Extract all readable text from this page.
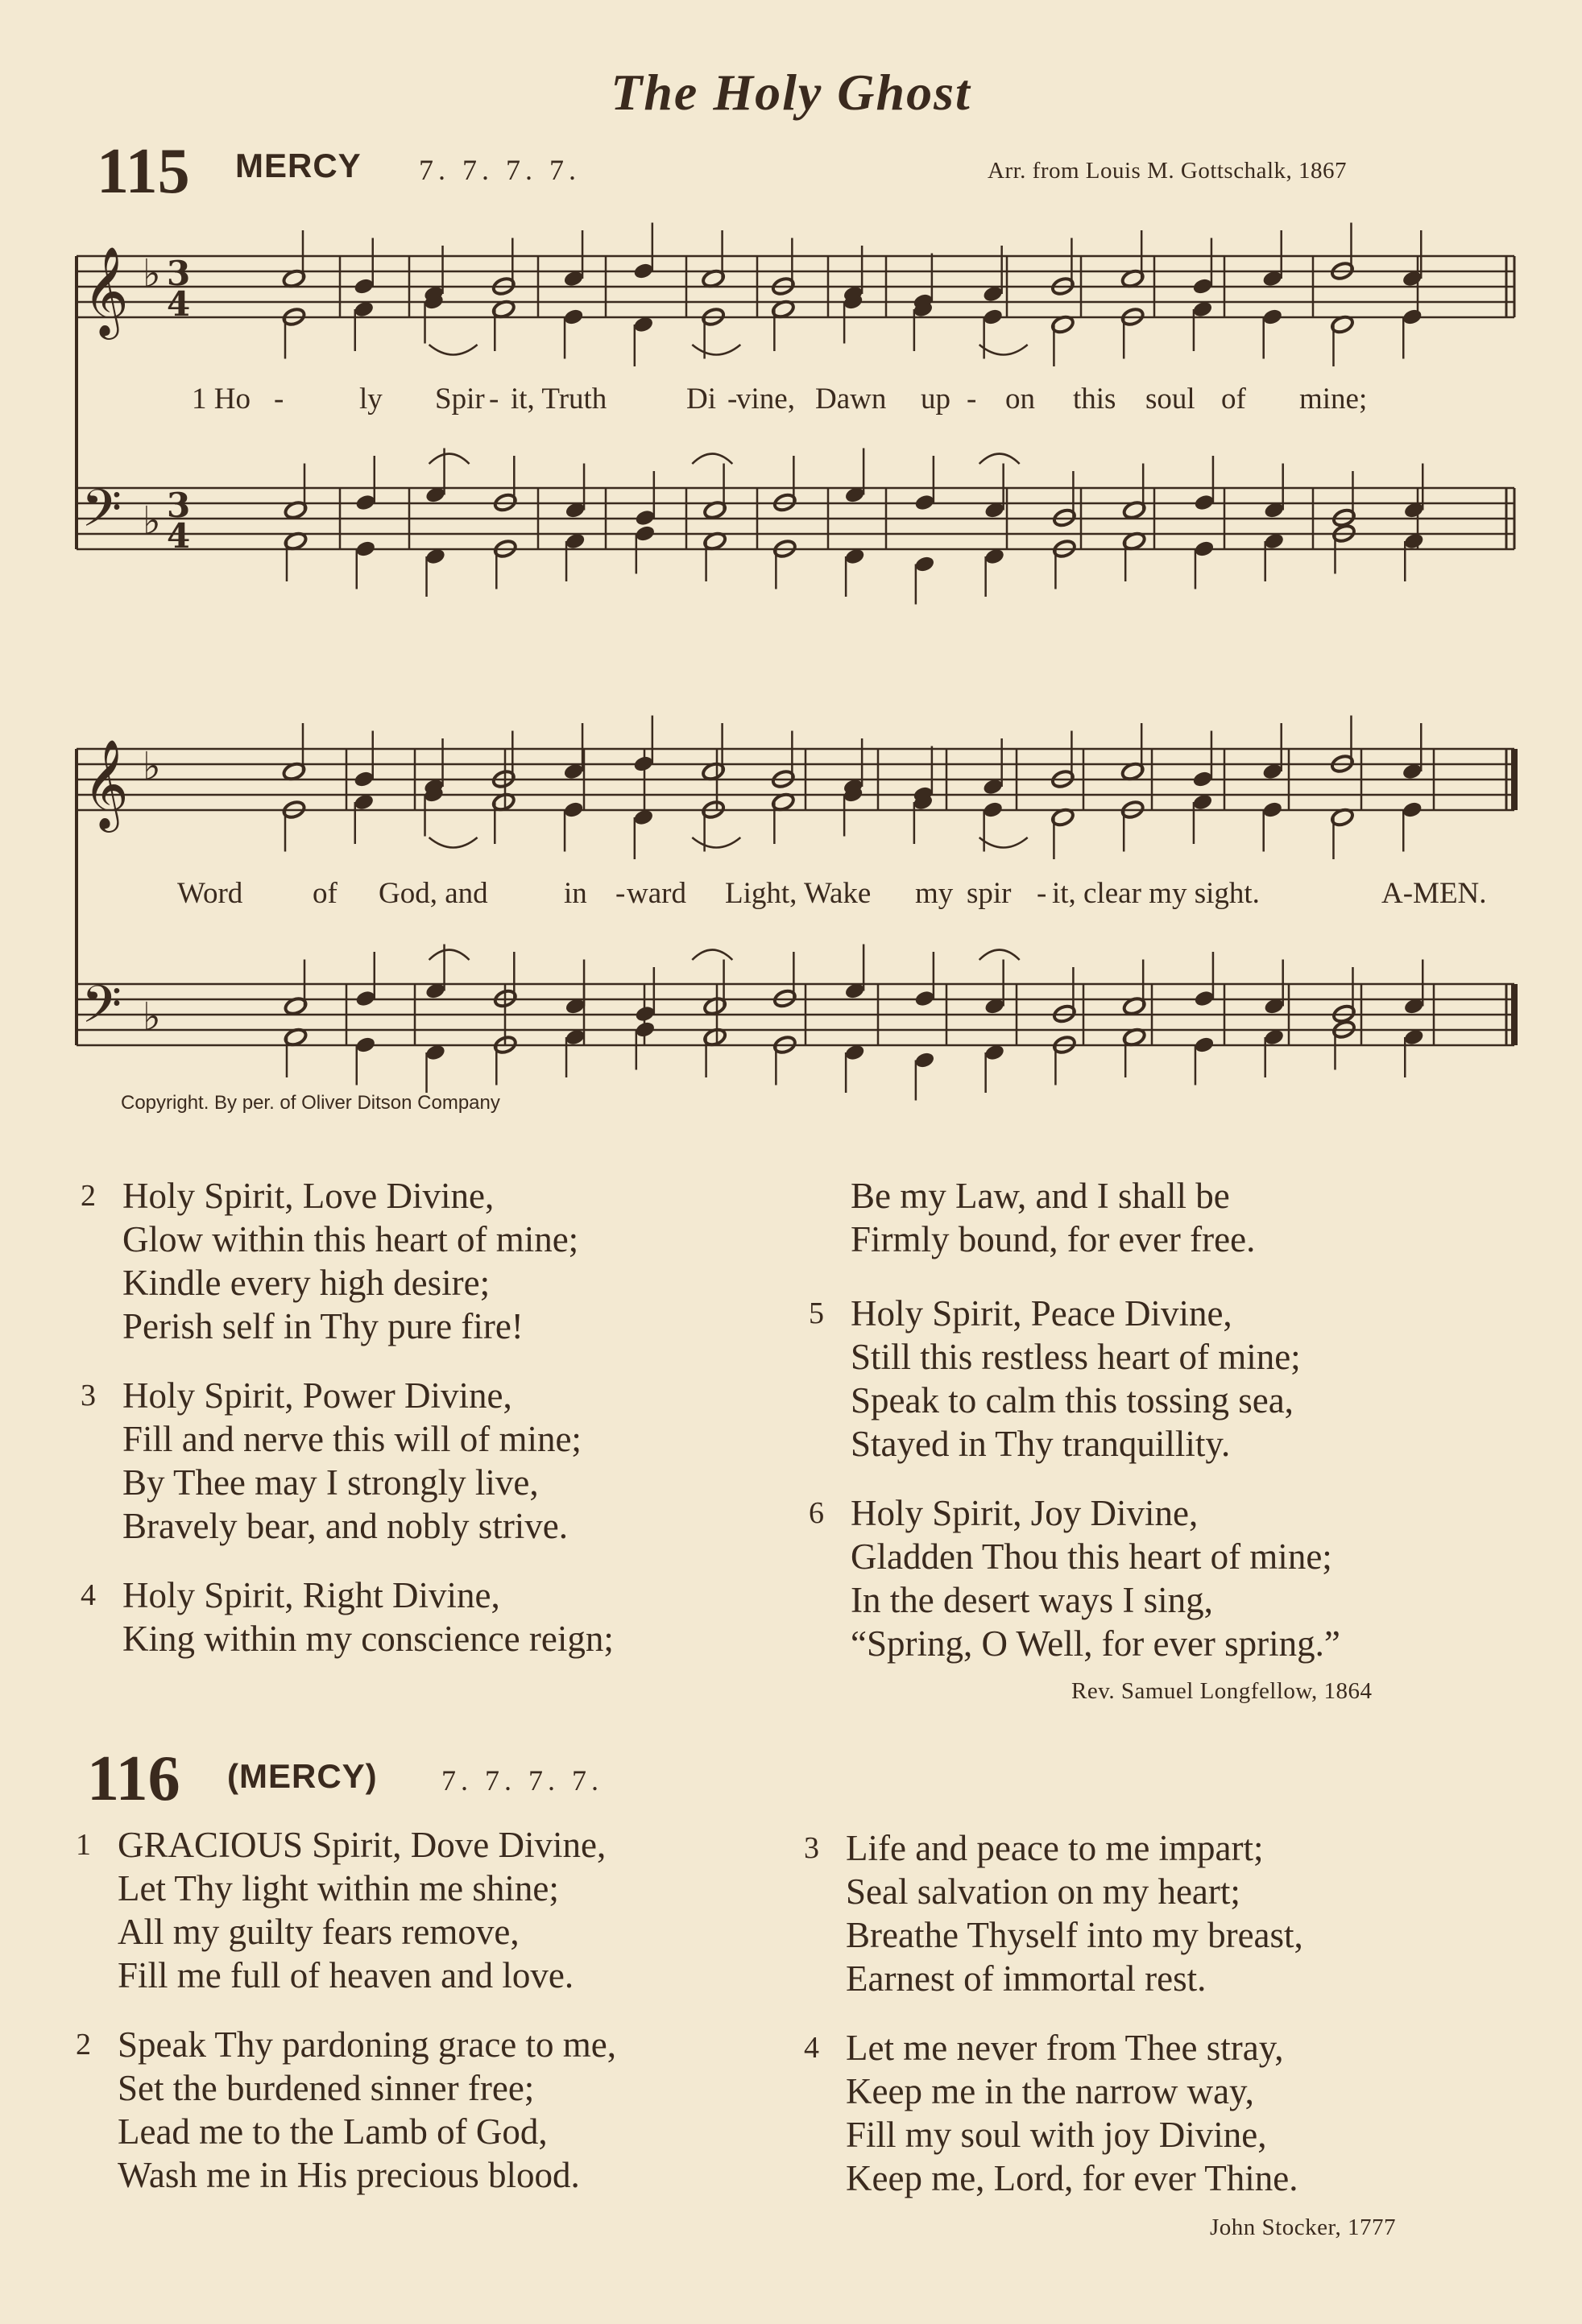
The Holy Ghost
115 MERCY 7. 7. 7. 7.	Arr. from Louis M. Gottschalk, 1867
𝄞
𝄢
♭
♭
3
4
3
4
𝄞
𝄢
♭
♭
1 Ho -	ly Spir - it, Truth	Di -
vine, Dawn up - on this soul of mine;
Word of God, and	in - ward Light, Wake my spir - it, clear my sight.	A-MEN.
Copyright. By per. of Oliver Ditson Company
2 Holy Spirit, Love Divine,
Glow within this heart of mine;
Kindle every high desire;
Perish self in Thy pure fire!
3 Holy Spirit, Power Divine,
Fill and nerve this will of mine;
By Thee may I strongly live,
Bravely bear, and nobly strive.
4 Holy Spirit, Right Divine,
King within my conscience reign;
Be my Law, and I shall be
Firmly bound, for ever free.
5 Holy Spirit, Peace Divine,
Still this restless heart of mine;
Speak to calm this tossing sea,
Stayed in Thy tranquillity.
6 Holy Spirit, Joy Divine,
Gladden Thou this heart of mine;
In the desert ways I sing,
“Spring, O Well, for ever spring.”
Rev. Samuel Longfellow, 1864
116 (MERCY) 7. 7. 7. 7.
1 GRACIOUS Spirit, Dove Divine,
Let Thy light within me shine;
All my guilty fears remove,
Fill me full of heaven and love.
2 Speak Thy pardoning grace to me,
Set the burdened sinner free;
Lead me to the Lamb of God,
Wash me in His precious blood.
3 Life and peace to me impart;
Seal salvation on my heart;
Breathe Thyself into my breast,
Earnest of immortal rest.
4 Let me never from Thee stray,
Keep me in the narrow way,
Fill my soul with joy Divine,
Keep me, Lord, for ever Thine.
John Stocker, 1777
